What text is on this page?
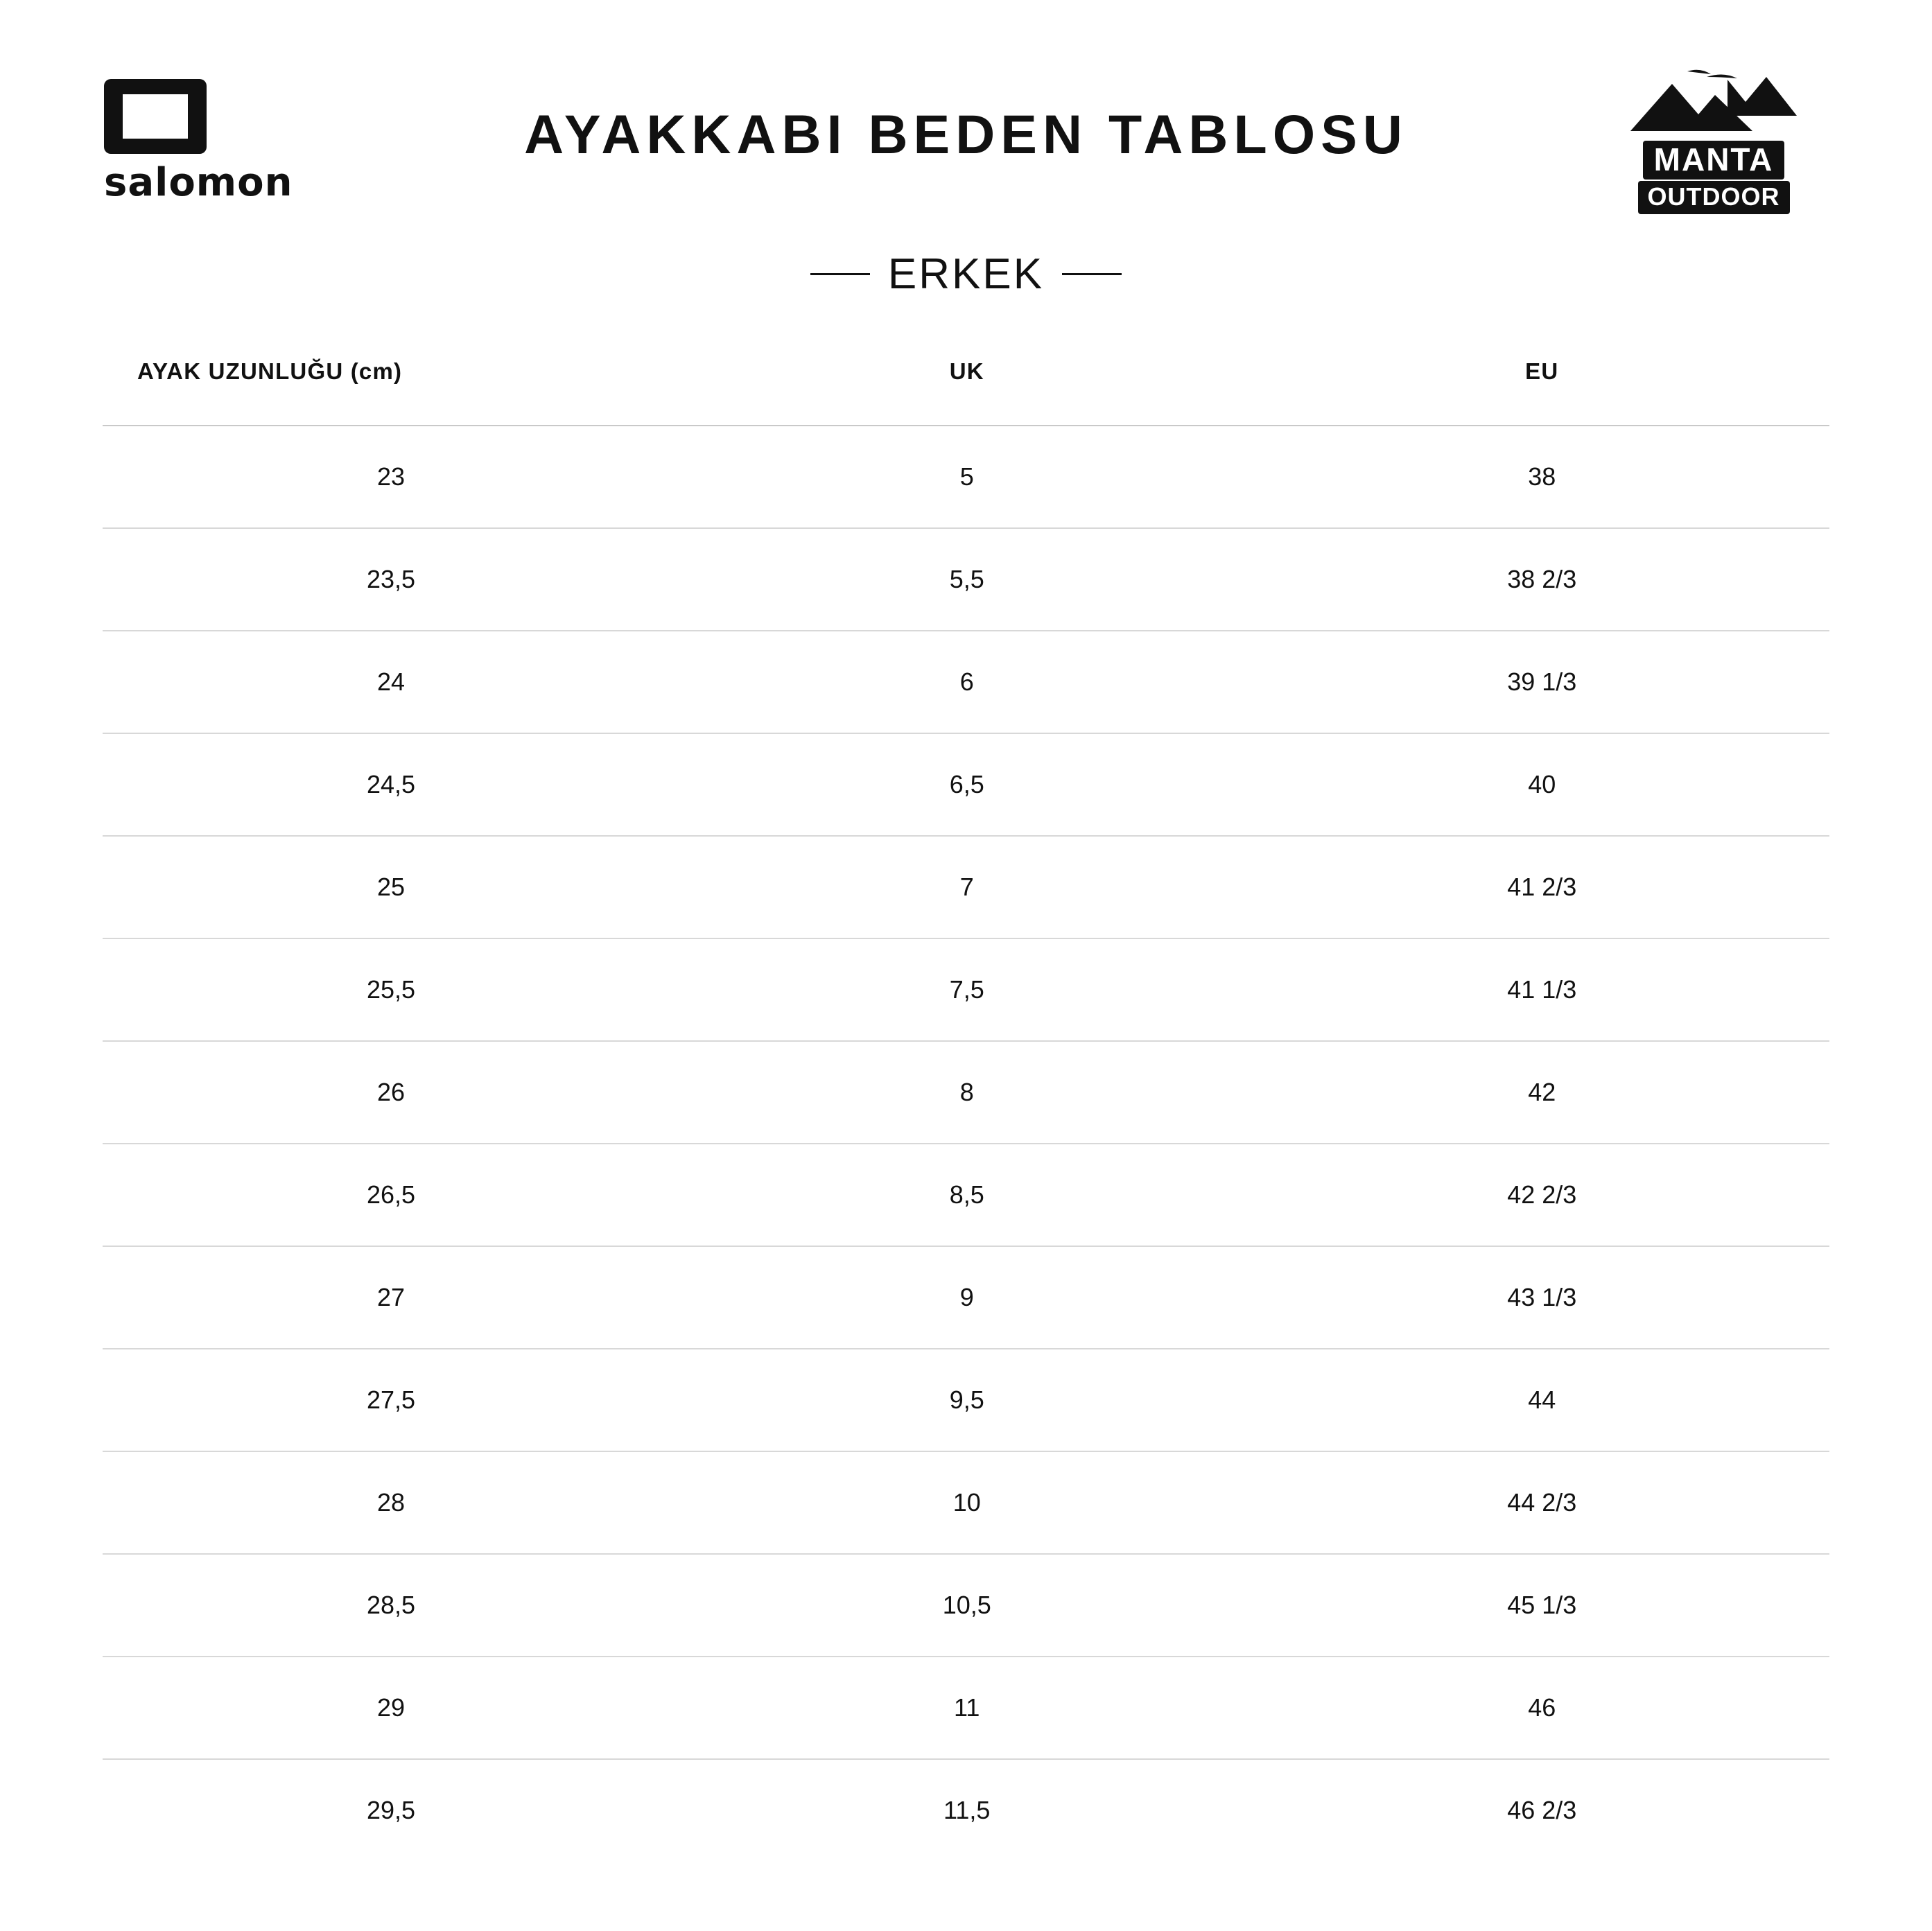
salomon
AYAKKABI BEDEN TABLOSU	MANTA
OUTDOOR
ERKEK
AYAK UZUNLUĞU (cm)	UK	EU
23	5	38
23,5	5,5	38 2/3
24	6	39 1/3
24,5	6,5	40
25	7	41 2/3
25,5	7,5	41 1/3
26	8	42
26,5	8,5	42 2/3
27	9	43 1/3
27,5	9,5	44
28	10	44 2/3
28,5	10,5	45 1/3
29	11	46
29,5	11,5	46 2/3
